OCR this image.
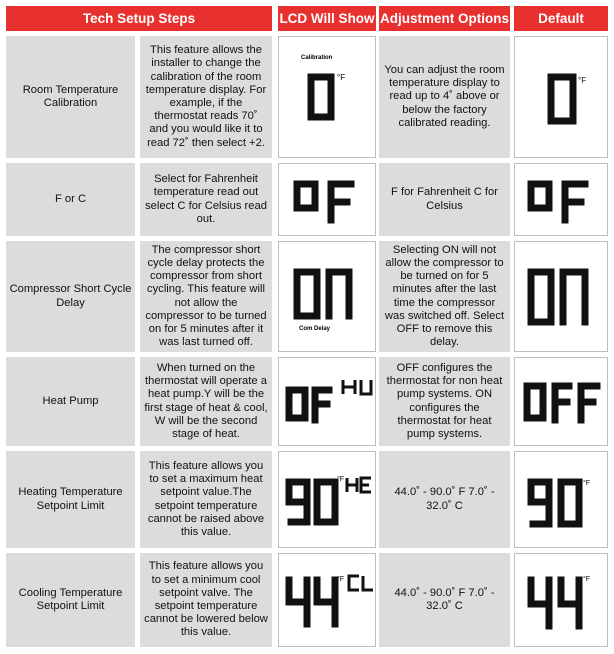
Tech Setup Steps	LCD Will Show Adjustment Options	Default
Room Temperature Calibration
This feature allows the installer to change the calibration of the room temperature display. For example, if the thermostat reads 70˚ and you would like it to read 72˚ then select +2.
Calibration
°F
You can adjust the room temperature display to read up to 4˚ above or below the factory calibrated reading.
°F
F or C
Select for Fahrenheit temperature read out select C for Celsius read out.
F for Fahrenheit C for Celsius
Compressor Short Cycle Delay
The compressor short cycle delay protects the compressor from short cycling. This feature will not allow the compressor to be turned on for 5 minutes after it was last turned off.
Com Delay
Selecting ON will not allow the compressor to be turned on for 5 minutes after the last time the compressor was switched off. Select OFF to remove this delay.
Heat Pump
When turned on the thermostat will operate a heat pump.Y will be the first stage of heat & cool, W will be the second stage of heat.
OFF configures the thermostat for non heat pump systems. ON configures the thermostat for heat pump systems.
Heating Temperature Setpoint Limit
This feature allows you to set a maximum heat setpoint value.The setpoint temperature cannot be raised above this value.
°F
44.0˚ - 90.0˚ F 7.0˚ - 32.0˚ C
°F
Cooling Temperature Setpoint Limit
This feature allows you to set a minimum cool setpoint valve. The setpoint temperature cannot be lowered below this value.
°F
44.0˚ - 90.0˚ F 7.0˚ - 32.0˚ C
°F
